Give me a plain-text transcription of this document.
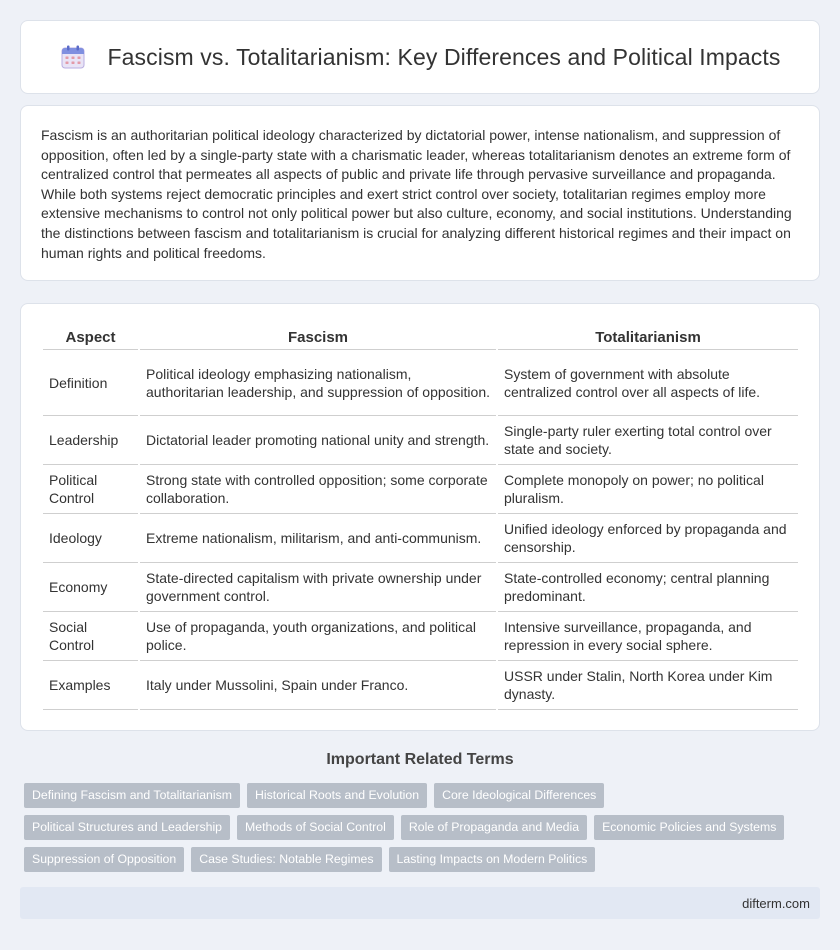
Fascism vs. Totalitarianism: Key Differences and Political Impacts

Fascism is an authoritarian political ideology characterized by dictatorial power, intense nationalism, and suppression of opposition, often led by a single-party state with a charismatic leader, whereas totalitarianism denotes an extreme form of centralized control that permeates all aspects of public and private life through pervasive surveillance and propaganda. While both systems reject democratic principles and exert strict control over society, totalitarian regimes employ more extensive mechanisms to control not only political power but also culture, economy, and social institutions. Understanding the distinctions between fascism and totalitarianism is crucial for analyzing different historical regimes and their impact on human rights and political freedoms.

Aspect	Fascism	Totalitarianism
Definition	Political ideology emphasizing nationalism, authoritarian leadership, and suppression of opposition.	System of government with absolute centralized control over all aspects of life.
Leadership	Dictatorial leader promoting national unity and strength.	Single-party ruler exerting total control over state and society.
Political Control	Strong state with controlled opposition; some corporate collaboration.	Complete monopoly on power; no political pluralism.
Ideology	Extreme nationalism, militarism, and anti-communism.	Unified ideology enforced by propaganda and censorship.
Economy	State-directed capitalism with private ownership under government control.	State-controlled economy; central planning predominant.
Social Control	Use of propaganda, youth organizations, and political police.	Intensive surveillance, propaganda, and repression in every social sphere.
Examples	Italy under Mussolini, Spain under Franco.	USSR under Stalin, North Korea under Kim dynasty.
Important Related Terms
Defining Fascism and Totalitarianism	Historical Roots and Evolution	Core Ideological Differences
Political Structures and Leadership	Methods of Social Control	Role of Propaganda and Media	Economic Policies and Systems
Suppression of Opposition	Case Studies: Notable Regimes	Lasting Impacts on Modern Politics
difterm.com
